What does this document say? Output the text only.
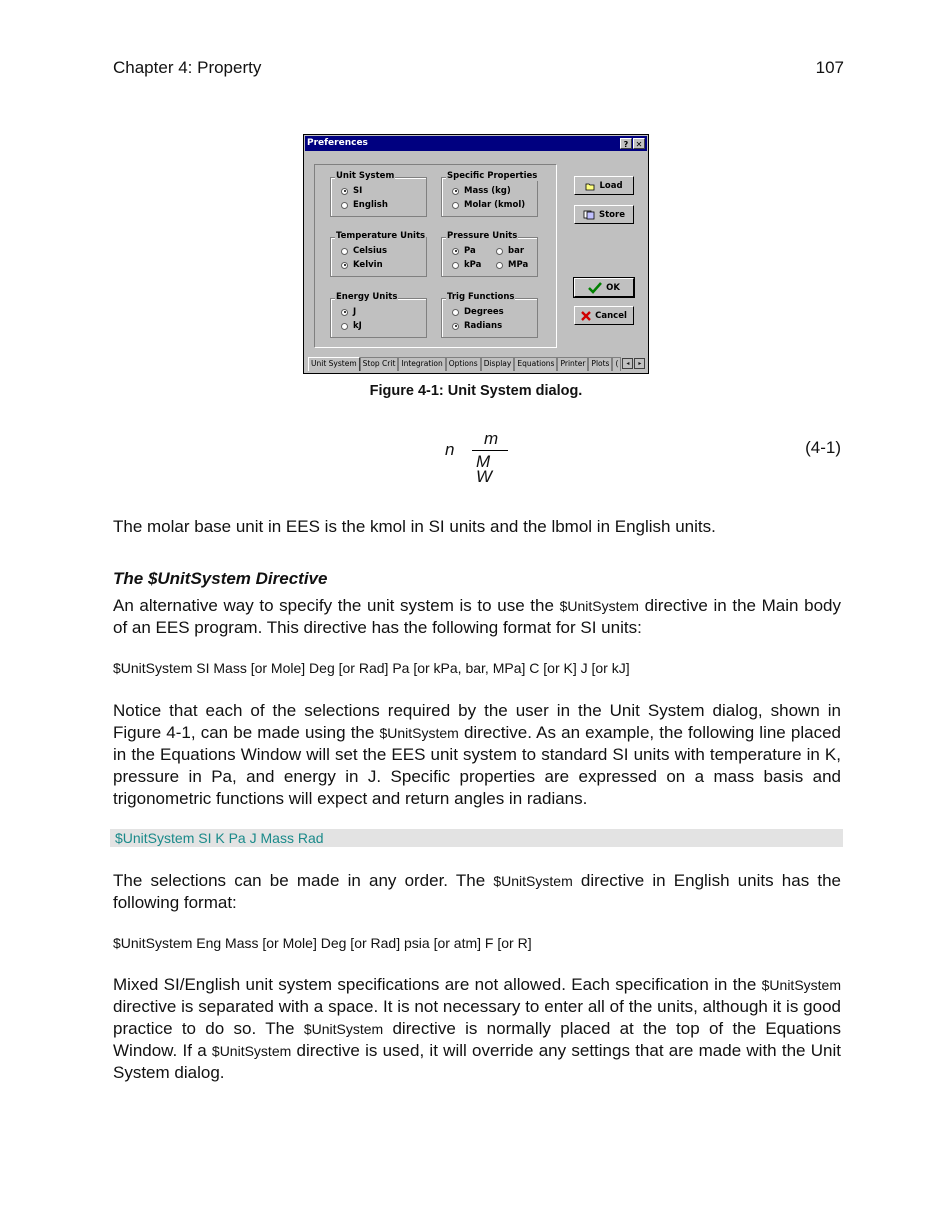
Chapter 4: Property	107
Preferences	? ✕
Unit System
SI
English
Specific Properties
Mass (kg)
Molar (kmol)
Temperature Units
Celsius
Kelvin
Pressure Units
Pa	bar
kPa	MPa
Energy Units
J
kJ
Trig Functions
Degrees
Radians
Load
Store
OK
Cancel
Unit System Stop Crit Integration Options Display Equations Printer Plots (	◂	▸
Figure 4-1: Unit System dialog.
n
m
M
W
(4-1)
The molar base unit in EES is the kmol in SI units and the lbmol in English units.
The $UnitSystem Directive
An alternative way to specify the unit system is to use the $UnitSystem directive in the Main body of an EES program. This directive has the following format for SI units:
$UnitSystem SI Mass [or Mole] Deg [or Rad] Pa [or kPa, bar, MPa] C [or K] J [or kJ]
Notice that each of the selections required by the user in the Unit System dialog, shown in Figure 4-1, can be made using the $UnitSystem directive. As an example, the following line placed in the Equations Window will set the EES unit system to standard SI units with temperature in K, pressure in Pa, and energy in J. Specific properties are expressed on a mass basis and trigonometric functions will expect and return angles in radians.
$UnitSystem SI K Pa J Mass Rad
The selections can be made in any order. The $UnitSystem directive in English units has the following format:
$UnitSystem Eng Mass [or Mole] Deg [or Rad] psia [or atm] F [or R]
Mixed SI/English unit system specifications are not allowed. Each specification in the $UnitSystem directive is separated with a space. It is not necessary to enter all of the units, although it is good practice to do so. The $UnitSystem directive is normally placed at the top of the Equations Window. If a $UnitSystem directive is used, it will override any settings that are made with the Unit System dialog.
